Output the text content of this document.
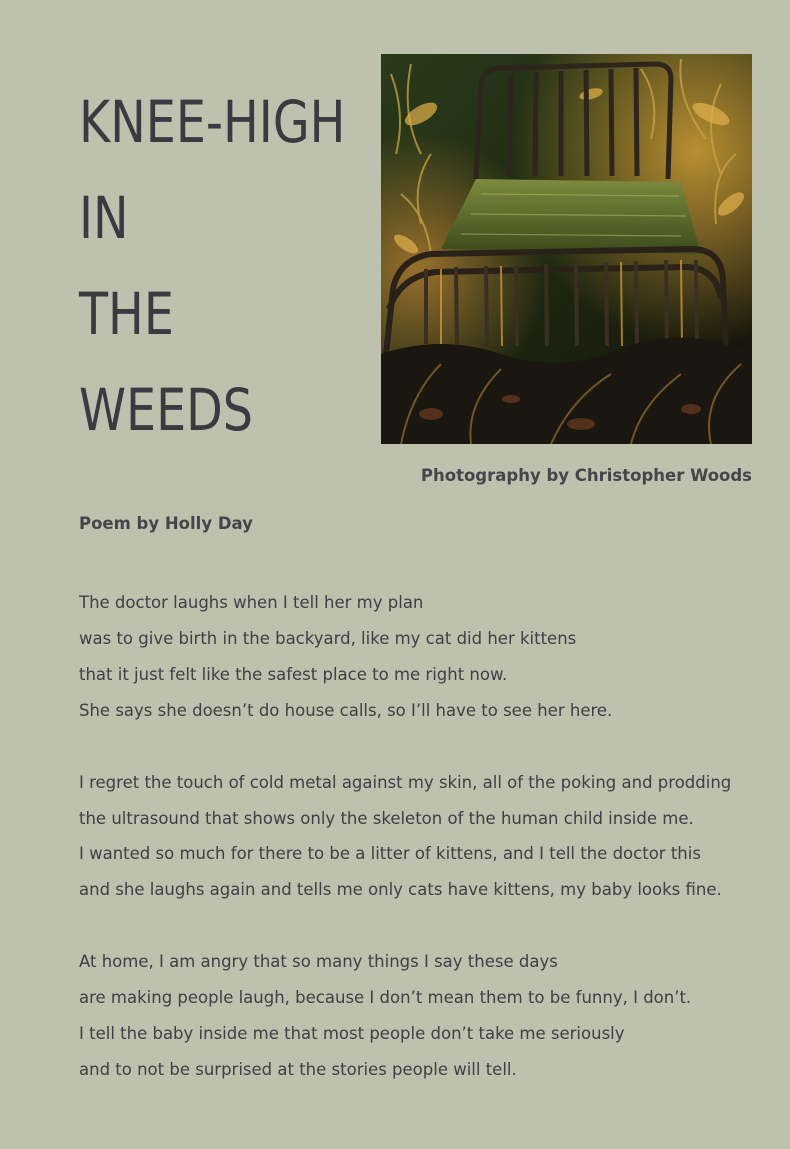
KNEE-HIGH
IN
THE
WEEDS
Photography by Christopher Woods
Poem by Holly Day
The doctor laughs when I tell her my plan
was to give birth in the backyard, like my cat did her kittens
that it just felt like the safest place to me right now.
She says she doesn’t do house calls, so I’ll have to see her here.
I regret the touch of cold metal against my skin, all of the poking and prodding
the ultrasound that shows only the skeleton of the human child inside me.
I wanted so much for there to be a litter of kittens, and I tell the doctor this
and she laughs again and tells me only cats have kittens, my baby looks fine.
At home, I am angry that so many things I say these days
are making people laugh, because I don’t mean them to be funny, I don’t.
I tell the baby inside me that most people don’t take me seriously
and to not be surprised at the stories people will tell.
